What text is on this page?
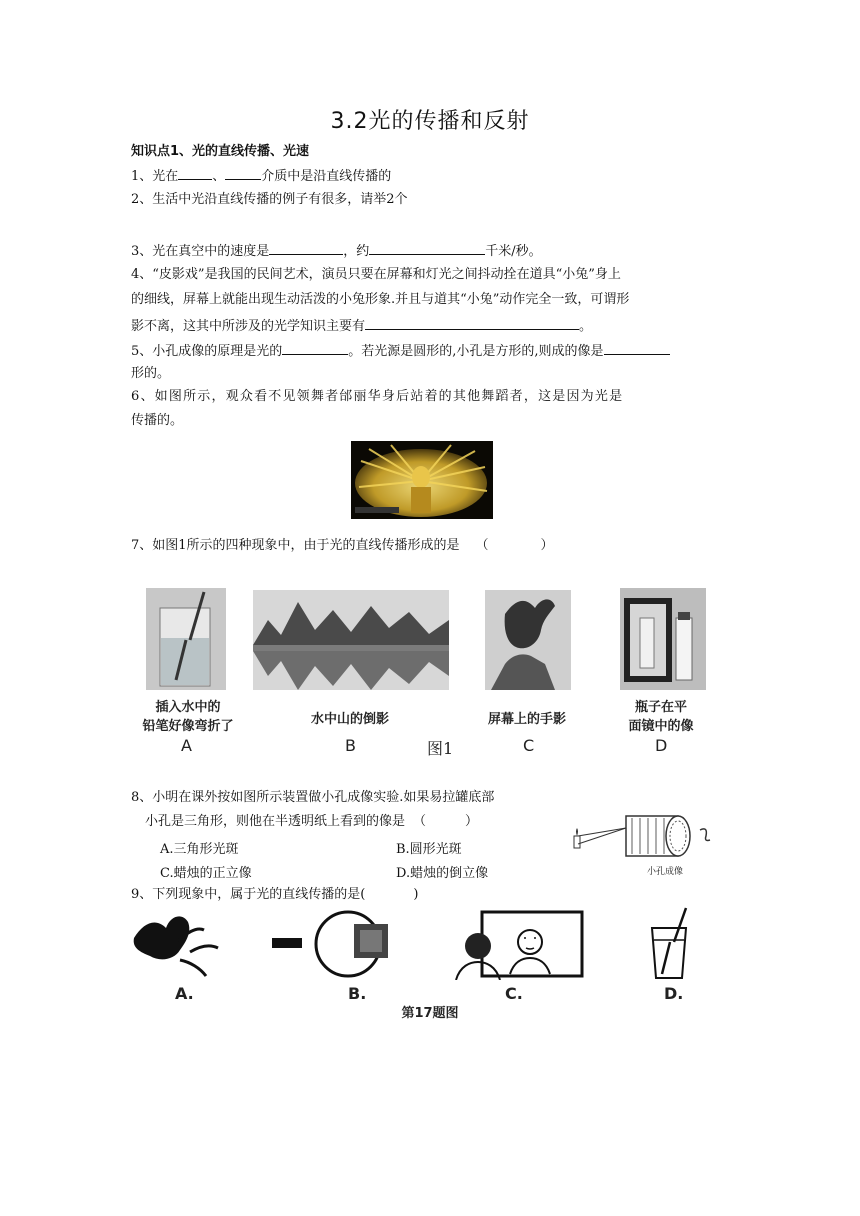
3.2光的传播和反射
知识点1、光的直线传播、光速
1、光在	、	介质中是沿直线传播的
2、生活中光沿直线传播的例子有很多，请举2个
3、光在真空中的速度是	，约	千米/秒。
4、“皮影戏”是我国的民间艺术，演员只要在屏幕和灯光之间抖动拴在道具“小兔”身上
的细线，屏幕上就能出现生动活泼的小兔形象.并且与道其“小兔”动作完全一致，可谓形
影不离，这其中所涉及的光学知识主要有	。
5、小孔成像的原理是光的	。若光源是圆形的,小孔是方形的,则成的像是
形的。
6、如图所示，观众看不见领舞者邰丽华身后站着的其他舞蹈者，这是因为光是
传播的。
7、如图1所示的四种现象中，由于光的直线传播形成的是 （　　　　）
插入水中的
铅笔好像弯折了	水中山的倒影	屏幕上的手影
瓶子在平
面镜中的像
A	B	图1	C	D
8、小明在课外按如图所示装置做小孔成像实验.如果易拉罐底部
小孔是三角形，则他在半透明纸上看到的像是 （　　　）
A.三角形光斑	B.圆形光斑
C.蜡烛的正立像	D.蜡烛的倒立像	小孔成像
9、下列现象中，属于光的直线传播的是(	)
A.	B.	C.	D.
第17题图
